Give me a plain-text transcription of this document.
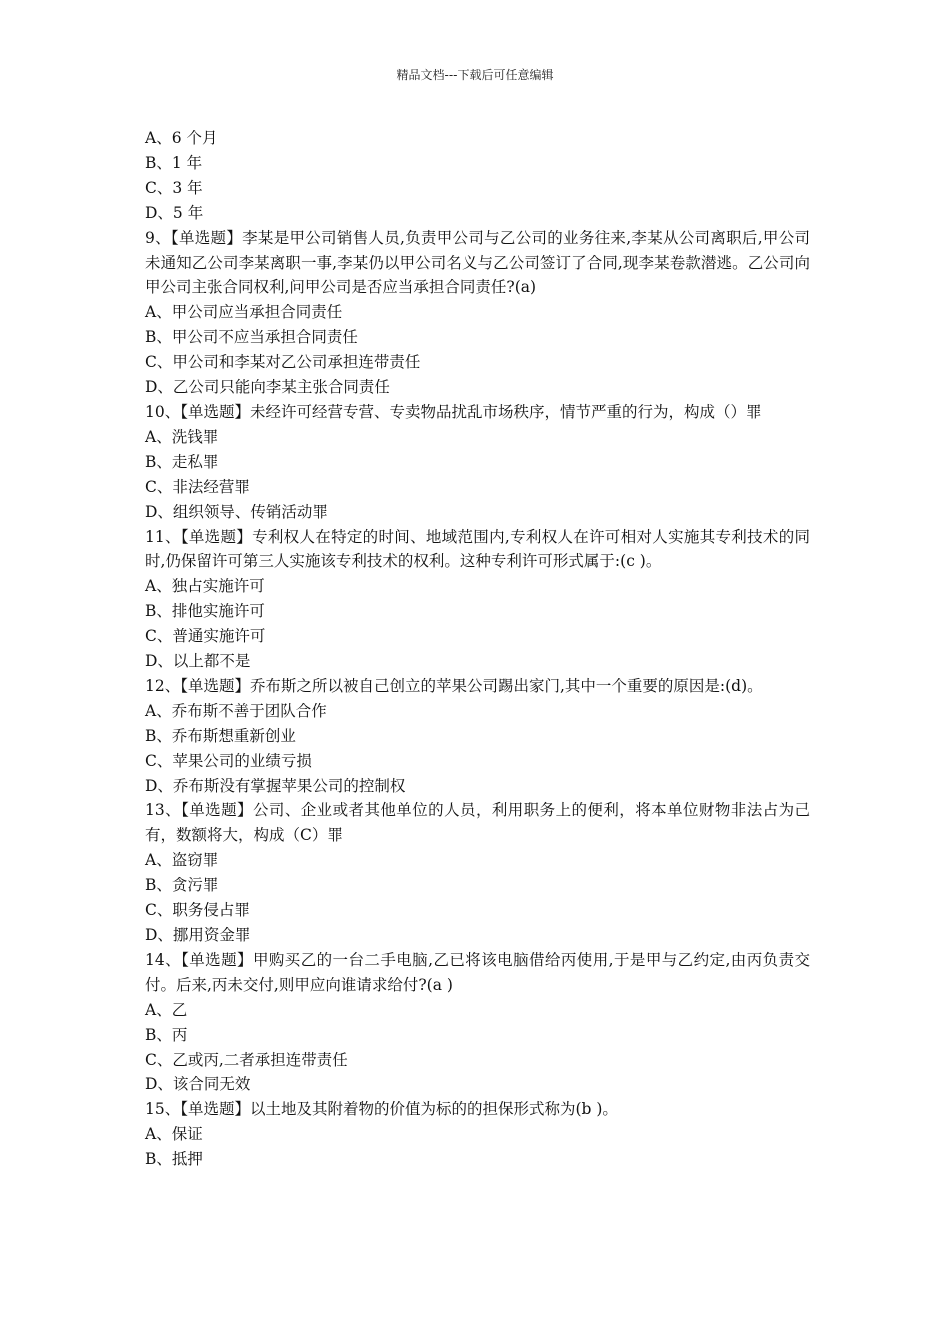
精品文档---下载后可任意编辑
A、6 个月
B、1 年
C、3 年
D、5 年
9、【单选题】李某是甲公司销售人员,负责甲公司与乙公司的业务往来,李某从公司离职后,甲公司未通知乙公司李某离职一事,李某仍以甲公司名义与乙公司签订了合同,现李某卷款潜逃。乙公司向甲公司主张合同权利,问甲公司是否应当承担合同责任?(a)
A、甲公司应当承担合同责任
B、甲公司不应当承担合同责任
C、甲公司和李某对乙公司承担连带责任
D、乙公司只能向李某主张合同责任
10、【单选题】未经许可经营专营、专卖物品扰乱市场秩序，情节严重的行为，构成（）罪
A、洗钱罪
B、走私罪
C、非法经营罪
D、组织领导、传销活动罪
11、【单选题】专利权人在特定的时间、地域范围内,专利权人在许可相对人实施其专利技术的同时,仍保留许可第三人实施该专利技术的权利。这种专利许可形式属于:(c )。
A、独占实施许可
B、排他实施许可
C、普通实施许可
D、以上都不是
12、【单选题】乔布斯之所以被自己创立的苹果公司踢出家门,其中一个重要的原因是:(d)。
A、乔布斯不善于团队合作
B、乔布斯想重新创业
C、苹果公司的业绩亏损
D、乔布斯没有掌握苹果公司的控制权
13、【单选题】公司、企业或者其他单位的人员，利用职务上的便利，将本单位财物非法占为己有，数额将大，构成（C）罪
A、盗窃罪
B、贪污罪
C、职务侵占罪
D、挪用资金罪
14、【单选题】甲购买乙的一台二手电脑,乙已将该电脑借给丙使用,于是甲与乙约定,由丙负责交付。后来,丙未交付,则甲应向谁请求给付?(a )
A、乙
B、丙
C、乙或丙,二者承担连带责任
D、该合同无效
15、【单选题】以土地及其附着物的价值为标的的担保形式称为(b )。
A、保证
B、抵押
